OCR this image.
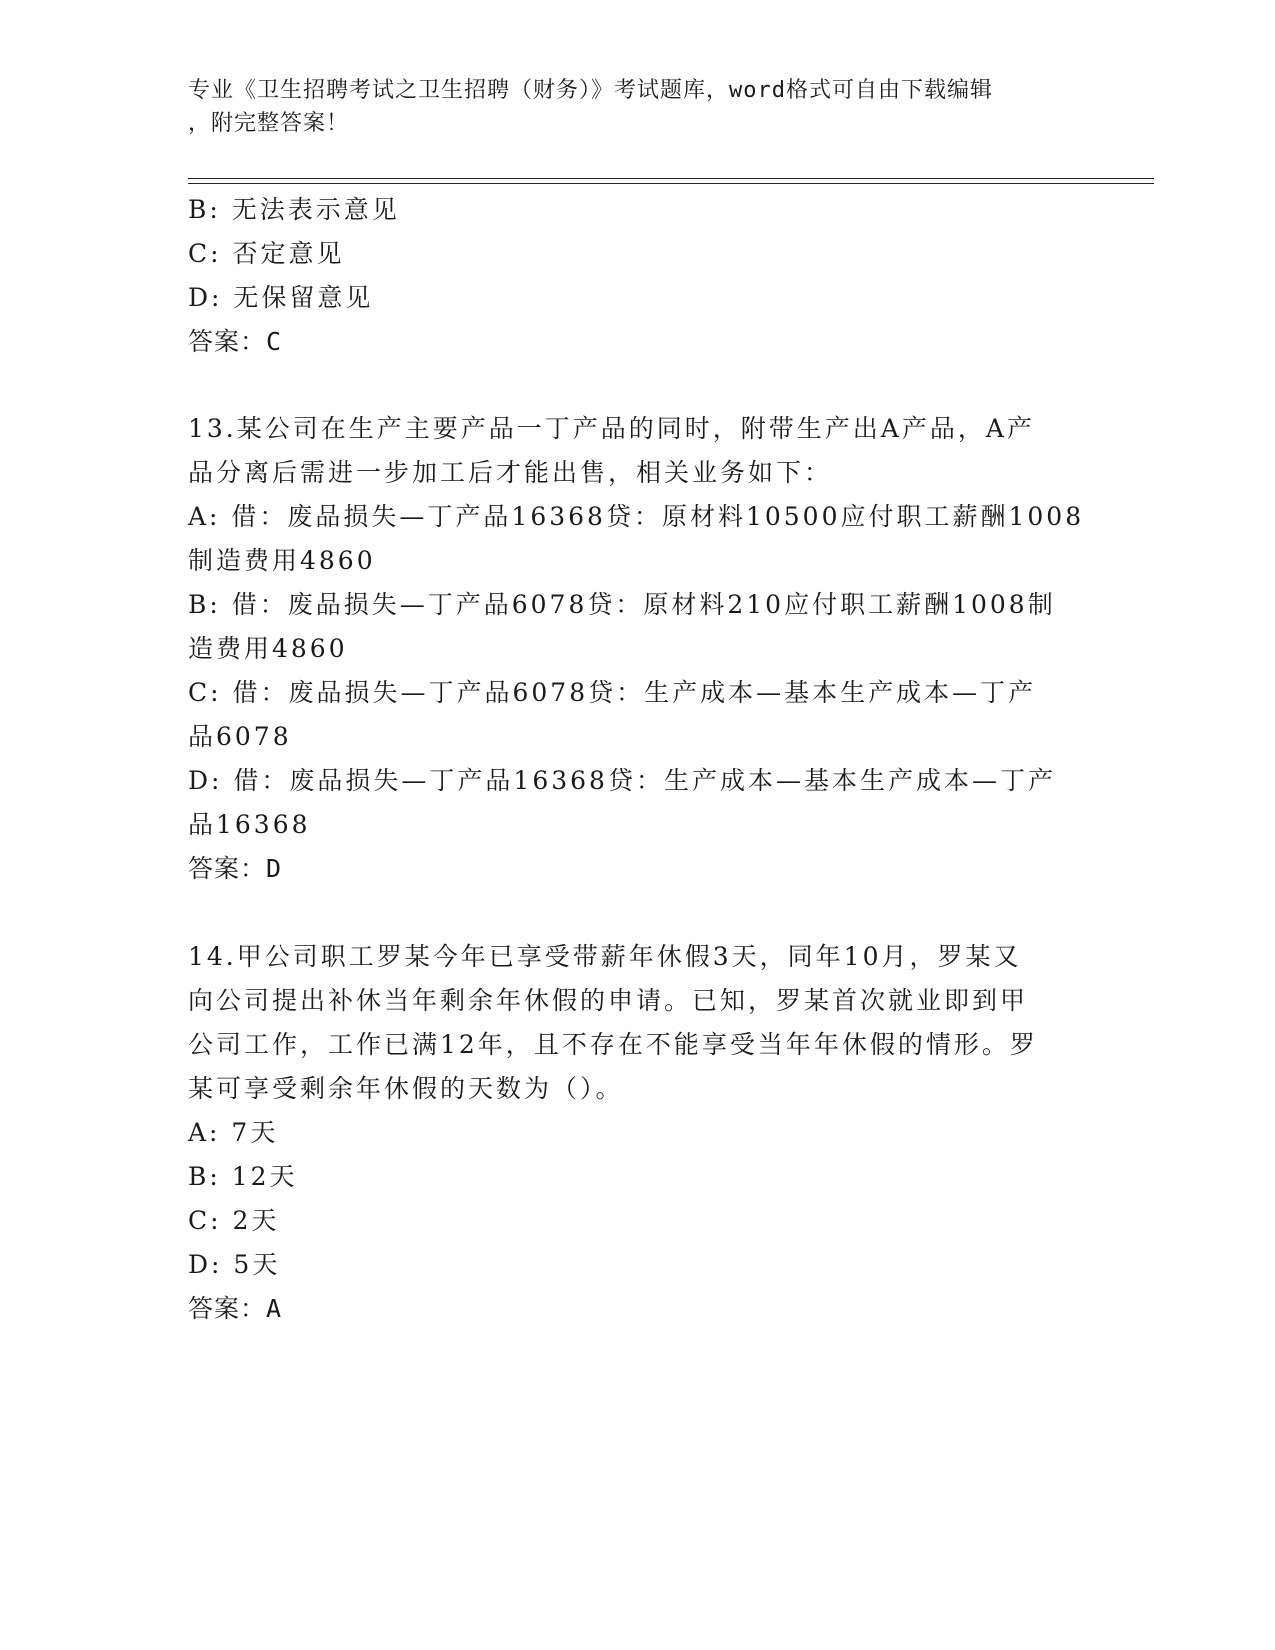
专业《卫生招聘考试之卫生招聘（财务）》考试题库，word格式可自由下载编辑
，附完整答案！
B: 无法表示意见
C: 否定意见
D: 无保留意见
答案：C
13.某公司在生产主要产品一丁产品的同时，附带生产出A产品，A产
品分离后需进一步加工后才能出售，相关业务如下：
A: 借：废品损失—丁产品16368贷：原材料10500应付职工薪酬1008
制造费用4860
B: 借：废品损失—丁产品6078贷：原材料210应付职工薪酬1008制
造费用4860
C: 借：废品损失—丁产品6078贷：生产成本—基本生产成本—丁产
品6078
D: 借：废品损失—丁产品16368贷：生产成本—基本生产成本—丁产
品16368
答案：D
14.甲公司职工罗某今年已享受带薪年休假3天，同年10月，罗某又
向公司提出补休当年剩余年休假的申请。已知，罗某首次就业即到甲
公司工作，工作已满12年，且不存在不能享受当年年休假的情形。罗
某可享受剩余年休假的天数为（）。
A: 7天
B: 12天
C: 2天
D: 5天
答案：A
